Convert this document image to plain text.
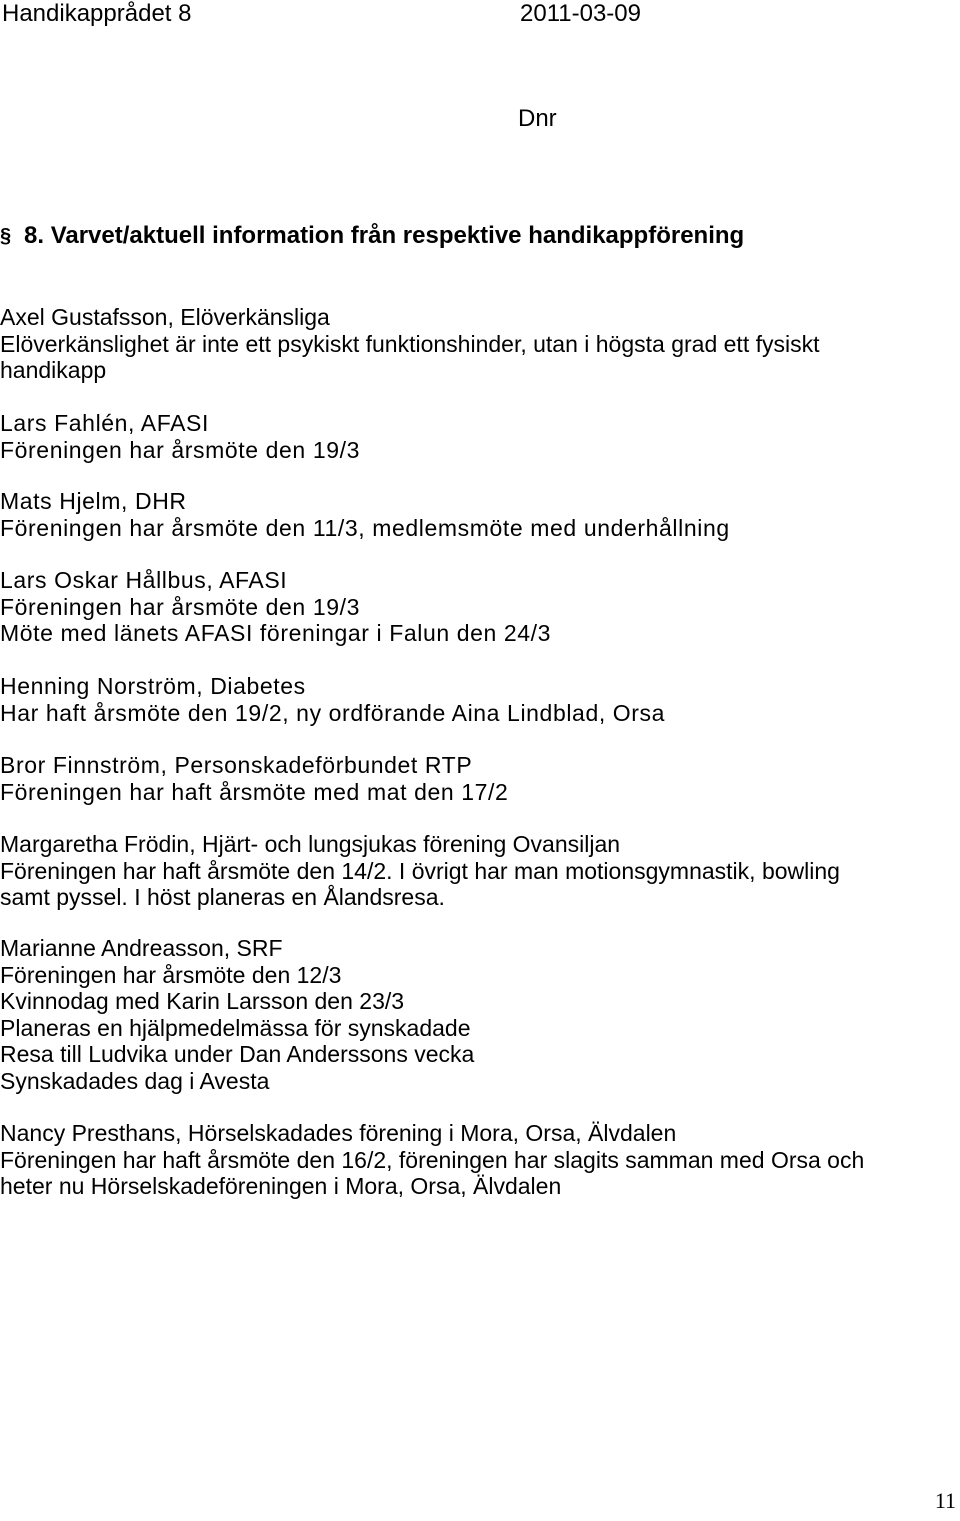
Handikapprådet 8	2011-03-09
Dnr
§ 8. Varvet/aktuell information från respektive handikappförening
Axel Gustafsson, Elöverkänsliga
Elöverkänslighet är inte ett psykiskt funktionshinder, utan i högsta grad ett fysiskt
handikapp
Lars Fahlén, AFASI
Föreningen har årsmöte den 19/3
Mats Hjelm, DHR
Föreningen har årsmöte den 11/3, medlemsmöte med underhållning
Lars Oskar Hållbus, AFASI
Föreningen har årsmöte den 19/3
Möte med länets AFASI föreningar i Falun den 24/3
Henning Norström, Diabetes
Har haft årsmöte den 19/2, ny ordförande Aina Lindblad, Orsa
Bror Finnström, Personskadeförbundet RTP
Föreningen har haft årsmöte med mat den 17/2
Margaretha Frödin, Hjärt- och lungsjukas förening Ovansiljan
Föreningen har haft årsmöte den 14/2. I övrigt har man motionsgymnastik, bowling
samt pyssel. I höst planeras en Ålandsresa.
Marianne Andreasson, SRF
Föreningen har årsmöte den 12/3
Kvinnodag med Karin Larsson den 23/3
Planeras en hjälpmedelmässa för synskadade
Resa till Ludvika under Dan Anderssons vecka
Synskadades dag i Avesta
Nancy Presthans, Hörselskadades förening i Mora, Orsa, Älvdalen
Föreningen har haft årsmöte den 16/2, föreningen har slagits samman med Orsa och
heter nu Hörselskadeföreningen i Mora, Orsa, Älvdalen
11
